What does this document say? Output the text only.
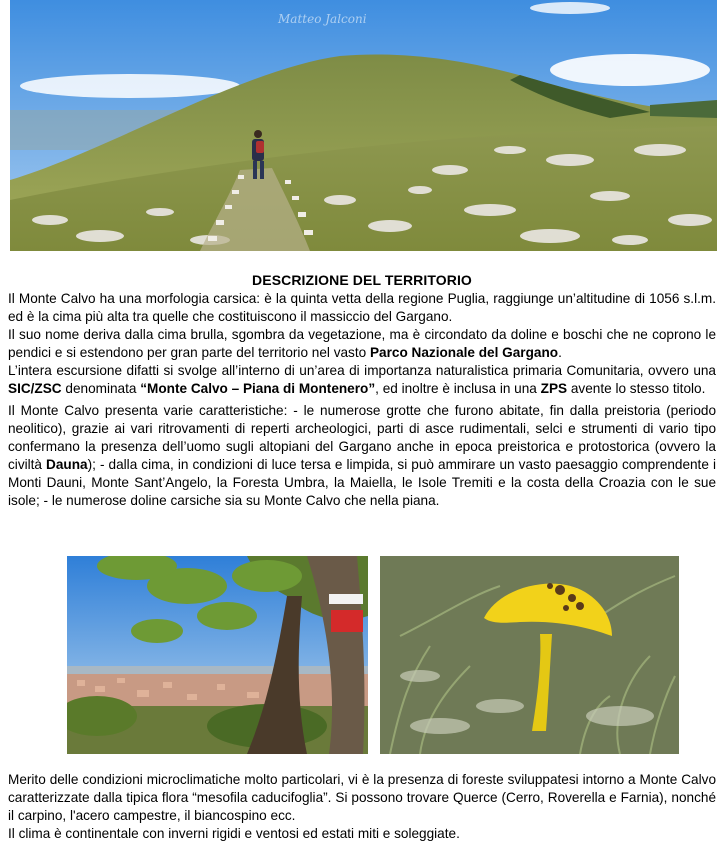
Matteo Jalconi
DESCRIZIONE DEL TERRITORIO

Il Monte Calvo ha una morfologia carsica: è la quinta vetta della regione Puglia, raggiunge un’altitudine di 1056 s.l.m. ed è la cima più alta tra quelle che costituiscono il massiccio del Gargano.

Il suo nome deriva dalla cima brulla, sgombra da vegetazione, ma è circondato da doline e boschi che ne coprono le pendici e si estendono per gran parte del territorio nel vasto Parco Nazionale del Gargano.

L’intera escursione difatti si svolge all’interno di un’area di importanza naturalistica primaria Comunitaria, ovvero una SIC/ZSC denominata “Monte Calvo – Piana di Montenero”, ed inoltre è inclusa in una ZPS avente lo stesso titolo.

Il Monte Calvo presenta varie caratteristiche: - le numerose grotte che furono abitate, fin dalla preistoria (periodo neolitico), grazie ai vari ritrovamenti di reperti archeologici, parti di asce rudimentali, selci e strumenti di vario tipo confermano la presenza dell’uomo sugli altopiani del Gargano anche in epoca preistorica e protostorica (ovvero la civiltà Dauna); - dalla cima, in condizioni di luce tersa e limpida, si può ammirare un vasto paesaggio comprendente i Monti Dauni, Monte Sant’Angelo, la Foresta Umbra, la Maiella, le Isole Tremiti e la costa della Croazia con le sue isole; - le numerose doline carsiche sia su Monte Calvo che nella piana.

Merito delle condizioni microclimatiche molto particolari, vi è la presenza di foreste sviluppatesi intorno a Monte Calvo caratterizzate dalla tipica flora “mesofila caducifoglia”. Si possono trovare Querce (Cerro, Roverella e Farnia), nonché il carpino, l'acero campestre, il biancospino ecc.

Il clima è continentale con inverni rigidi e ventosi ed estati miti e soleggiate.
